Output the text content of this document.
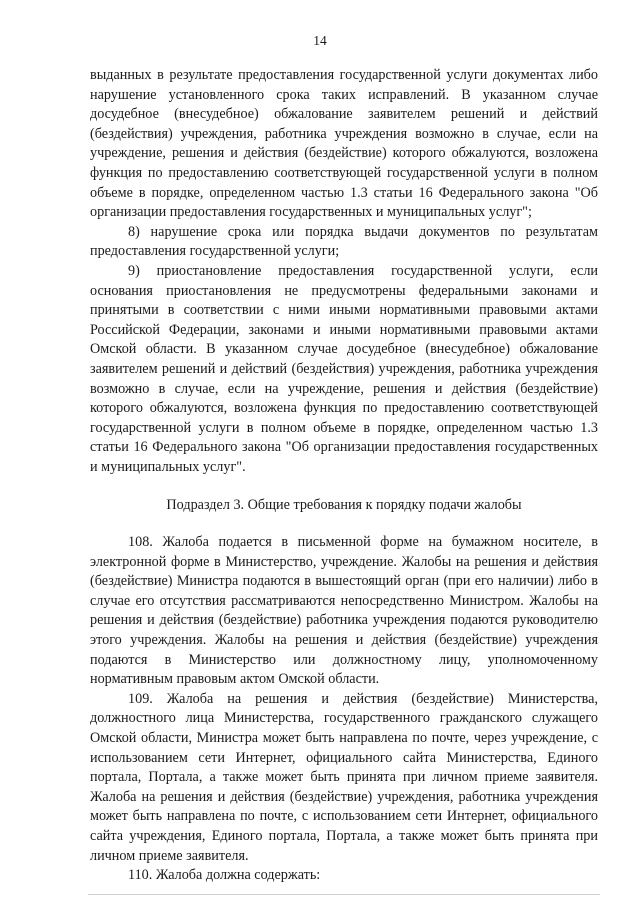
14

выданных в результате предоставления государственной услуги документах либо нарушение установленного срока таких исправлений. В указанном случае досудебное (внесудебное) обжалование заявителем решений и действий (бездействия) учреждения, работника учреждения возможно в случае, если на учреждение, решения и действия (бездействие) которого обжалуются, возложена функция по предоставлению соответствующей государственной услуги в полном объеме в порядке, определенном частью 1.3 статьи 16 Федерального закона "Об организации предоставления государственных и муниципальных услуг";

8) нарушение срока или порядка выдачи документов по результатам предоставления государственной услуги;

9) приостановление предоставления государственной услуги, если основания приостановления не предусмотрены федеральными законами и принятыми в соответствии с ними иными нормативными правовыми актами Российской Федерации, законами и иными нормативными правовыми актами Омской области. В указанном случае досудебное (внесудебное) обжалование заявителем решений и действий (бездействия) учреждения, работника учреждения возможно в случае, если на учреждение, решения и действия (бездействие) которого обжалуются, возложена функция по предоставлению соответствующей государственной услуги в полном объеме в порядке, определенном частью 1.3 статьи 16 Федерального закона "Об организации предоставления государственных и муниципальных услуг".

Подраздел 3. Общие требования к порядку подачи жалобы

108. Жалоба подается в письменной форме на бумажном носителе, в электронной форме в Министерство, учреждение. Жалобы на решения и действия (бездействие) Министра подаются в вышестоящий орган (при его наличии) либо в случае его отсутствия рассматриваются непосредственно Министром. Жалобы на решения и действия (бездействие) работника учреждения подаются руководителю этого учреждения. Жалобы на решения и действия (бездействие) учреждения подаются в Министерство или должностному лицу, уполномоченному нормативным правовым актом Омской области.

109. Жалоба на решения и действия (бездействие) Министерства, должностного лица Министерства, государственного гражданского служащего Омской области, Министра может быть направлена по почте, через учреждение, с использованием сети Интернет, официального сайта Министерства, Единого портала, Портала, а также может быть принята при личном приеме заявителя. Жалоба на решения и действия (бездействие) учреждения, работника учреждения может быть направлена по почте, с использованием сети Интернет, официального сайта учреждения, Единого портала, Портала, а также может быть принята при личном приеме заявителя.

110. Жалоба должна содержать:
